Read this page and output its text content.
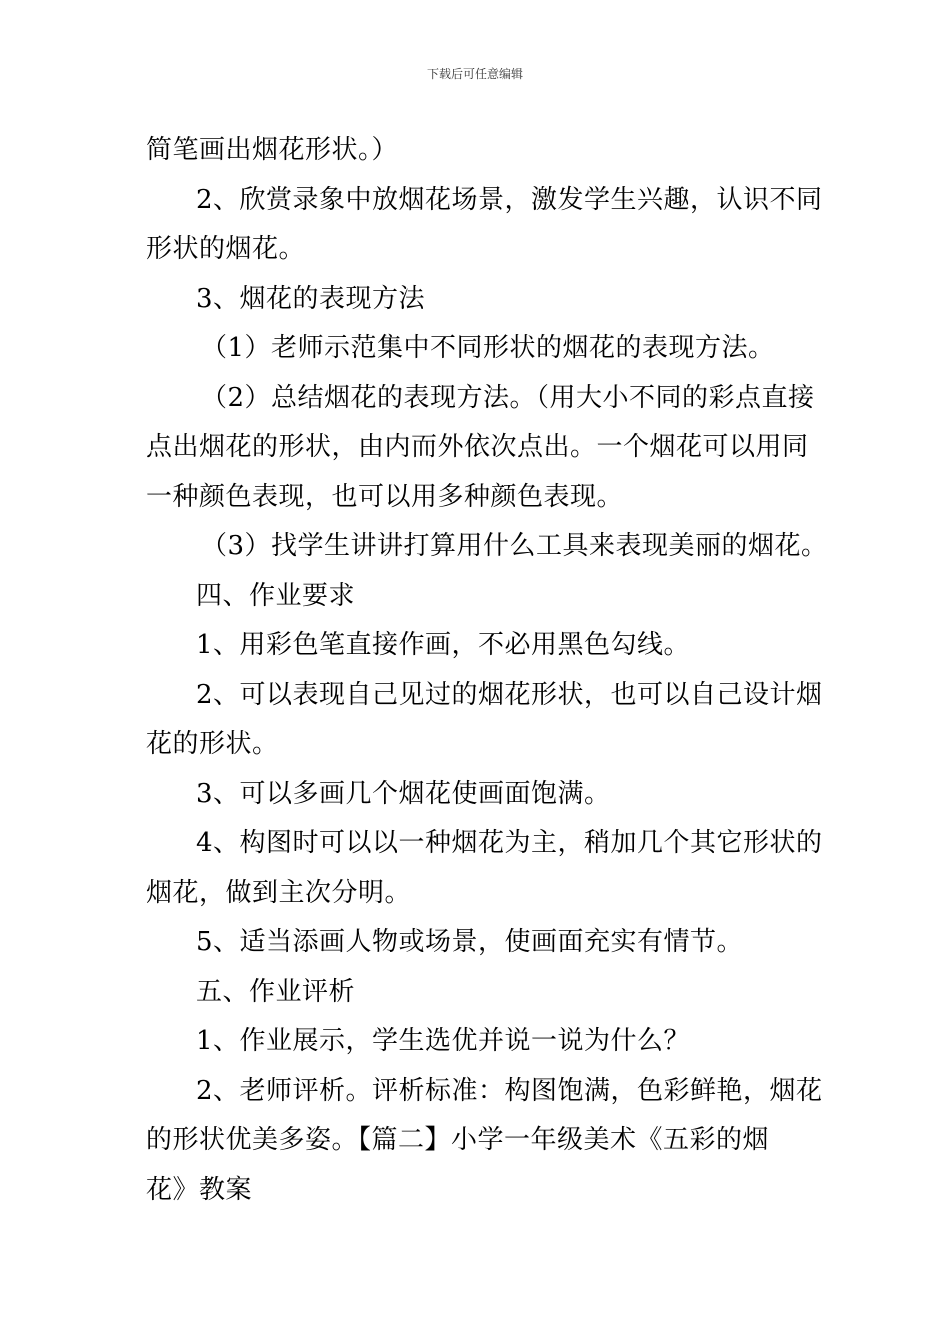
下载后可任意编辑

简笔画出烟花形状。）

2、欣赏录象中放烟花场景，激发学生兴趣，认识不同

形状的烟花。

3、烟花的表现方法

（1）老师示范集中不同形状的烟花的表现方法。

（2）总结烟花的表现方法。（用大小不同的彩点直接

点出烟花的形状，由内而外依次点出。一个烟花可以用同

一种颜色表现，也可以用多种颜色表现。

（3）找学生讲讲打算用什么工具来表现美丽的烟花。

四、作业要求

1、用彩色笔直接作画，不必用黑色勾线。

2、可以表现自己见过的烟花形状，也可以自己设计烟

花的形状。

3、可以多画几个烟花使画面饱满。

4、构图时可以以一种烟花为主，稍加几个其它形状的

烟花，做到主次分明。

5、适当添画人物或场景，使画面充实有情节。

五、作业评析

1、作业展示，学生选优并说一说为什么？

2、老师评析。评析标准：构图饱满，色彩鲜艳，烟花

的形状优美多姿。【篇二】小学一年级美术《五彩的烟

花》教案
